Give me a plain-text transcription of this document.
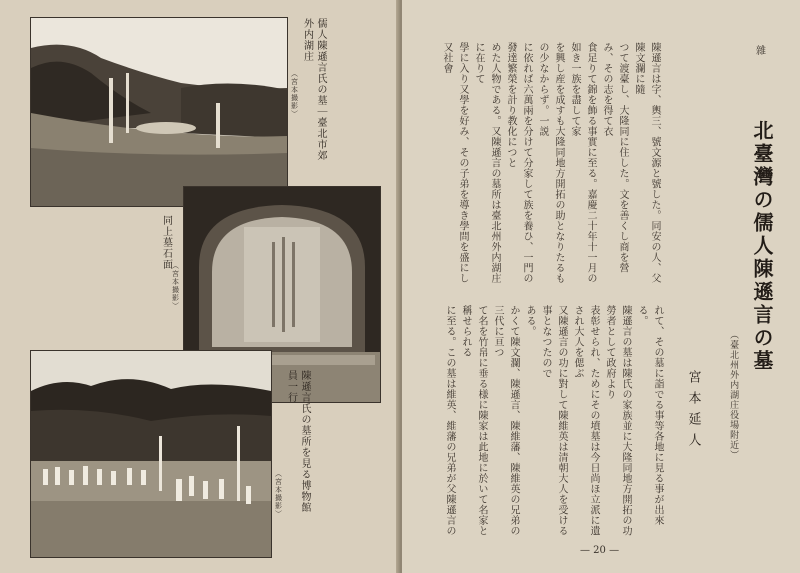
儒人陳遜言氏の墓｜臺北市郊外内湖庄
（宮本撮影）
同上墓石面
（宮本撮影）
陳遜言氏の墓所を見る博物館員一行
（宮本撮影）
雜
北臺灣の儒人陳遜言の墓
（臺北州外内湖庄役場附近）
宮本延人
陳遜言は字、輿三、號文源と號した。同安の人、父陳文瀾に隨
つて渡臺し、大隆同に住した。文を善くし商を營み、その志を得て衣
食足りて錦を飾る事實に至る。嘉慶二十年十一月の如き一族を盡して家
を興し産を成すも大隆同地方開拓の助となりたるもの少なからず。一説
に依れば六萬兩を分けて分家して族を養ひ、一門の發達繁榮を計り教化につと
めた人物である。又陳遜言の墓所は臺北州外内湖庄に在りて
學に入り又學を好み、その子弟を導き學問を盛にし又社會
れて、その墓に詣でる事等各地に見る事が出來る。
陳遜言の墓は陳氏の家族並に大隆同地方開拓の功勞者として政府より
表彰せられ、ためにその墳墓は今日尚ほ立派に遺され大人を偲ぶ
又陳遜言の功に對して陳維英は清朝大人を受ける事となつたので
ある。
かくて陳文瀾、陳遜言、陳維藩、陳維英の兄弟の三代に亘つ
て名を竹帛に垂る様に陳家は此地に於いて名家と稱せられる
に至る。この墓は維英、維藩の兄弟が父陳遜言の
— 20 —
